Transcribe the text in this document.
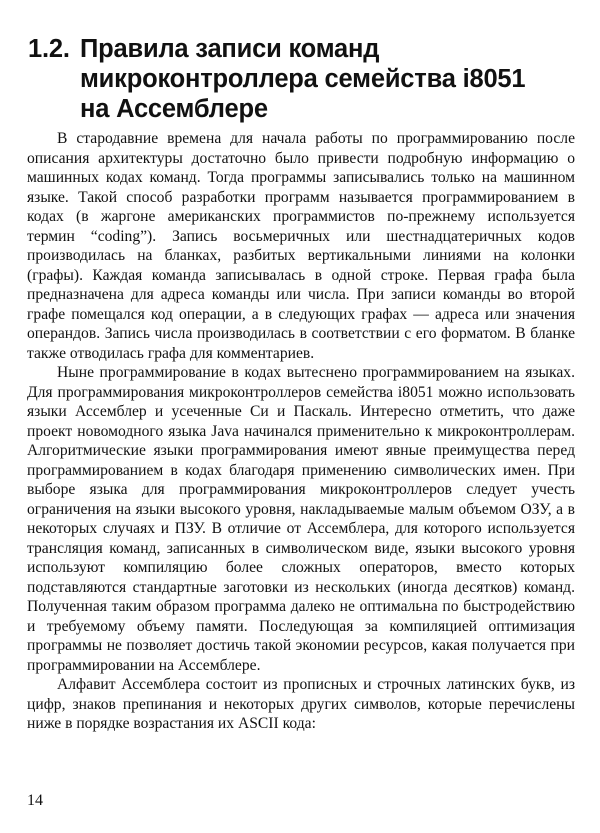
1.2. Правила записи команд
микроконтроллера семейства i8051
на Ассемблере

В стародавние времена для начала работы по программированию после описания архитектуры достаточно было привести подробную информацию о машинных кодах команд. Тогда программы записывались только на машинном языке. Такой способ разработки программ называется программированием в кодах (в жаргоне американских программистов по-прежнему используется термин “coding”). Запись восьмеричных или шестнадцатеричных кодов производилась на бланках, разбитых вертикальными линиями на колонки (графы). Каждая команда записывалась в одной строке. Первая графа была предназначена для адреса команды или числа. При записи команды во второй графе помещался код операции, а в следующих графах — адреса или значения операндов. Запись числа производилась в соответствии с его форматом. В бланке также отводилась графа для комментариев.

Ныне программирование в кодах вытеснено программированием на языках. Для программирования микроконтроллеров семейства i8051 можно использовать языки Ассемблер и усеченные Си и Паскаль. Интересно отметить, что даже проект новомодного языка Java начинался применительно к микроконтроллерам. Алгоритмические языки программирования имеют явные преимущества перед программированием в кодах благодаря применению символических имен. При выборе языка для программирования микроконтроллеров следует учесть ограничения на языки высокого уровня, накладываемые малым объемом ОЗУ, а в некоторых случаях и ПЗУ. В отличие от Ассемблера, для которого используется трансляция команд, записанных в символическом виде, языки высокого уровня используют компиляцию более сложных операторов, вместо которых подставляются стандартные заготовки из нескольких (иногда десятков) команд. Полученная таким образом программа далеко не оптимальна по быстродействию и требуемому объему памяти. Последующая за компиляцией оптимизация программы не позволяет достичь такой экономии ресурсов, какая получается при программировании на Ассемблере.

Алфавит Ассемблера состоит из прописных и строчных латинских букв, из цифр, знаков препинания и некоторых других символов, которые перечислены ниже в порядке возрастания их ASCII кода:

14
